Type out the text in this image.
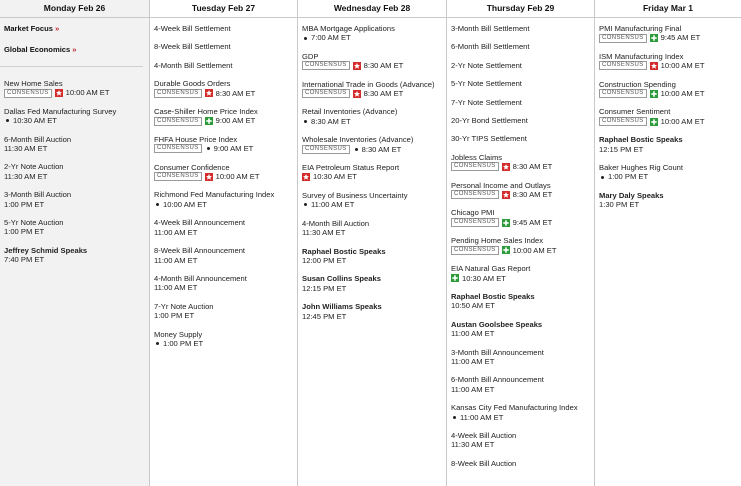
Monday Feb 26
Market Focus »
Global Economics »
New Home Sales
CONSENSUS	10:00 AM ET
Dallas Fed Manufacturing Survey
10:30 AM ET
6-Month Bill Auction
11:30 AM ET
2-Yr Note Auction
11:30 AM ET
3-Month Bill Auction
1:00 PM ET
5-Yr Note Auction
1:00 PM ET
Jeffrey Schmid Speaks
7:40 PM ET
Tuesday Feb 27
4-Week Bill Settlement
8-Week Bill Settlement
4-Month Bill Settlement
Durable Goods Orders
CONSENSUS	8:30 AM ET
Case-Shiller Home Price Index
CONSENSUS	9:00 AM ET
FHFA House Price Index
CONSENSUS	9:00 AM ET
Consumer Confidence
CONSENSUS	10:00 AM ET
Richmond Fed Manufacturing Index
10:00 AM ET
4-Week Bill Announcement
11:00 AM ET
8-Week Bill Announcement
11:00 AM ET
4-Month Bill Announcement
11:00 AM ET
7-Yr Note Auction
1:00 PM ET
Money Supply
1:00 PM ET
Wednesday Feb 28
MBA Mortgage Applications
7:00 AM ET
GDP
CONSENSUS	8:30 AM ET
International Trade in Goods (Advance)
CONSENSUS	8:30 AM ET
Retail Inventories (Advance)
8:30 AM ET
Wholesale Inventories (Advance)
CONSENSUS	8:30 AM ET
EIA Petroleum Status Report
10:30 AM ET
Survey of Business Uncertainty
11:00 AM ET
4-Month Bill Auction
11:30 AM ET
Raphael Bostic Speaks
12:00 PM ET
Susan Collins Speaks
12:15 PM ET
John Williams Speaks
12:45 PM ET
Thursday Feb 29
3-Month Bill Settlement
6-Month Bill Settlement
2-Yr Note Settlement
5-Yr Note Settlement
7-Yr Note Settlement
20-Yr Bond Settlement
30-Yr TIPS Settlement
Jobless Claims
CONSENSUS	8:30 AM ET
Personal Income and Outlays
CONSENSUS	8:30 AM ET
Chicago PMI
CONSENSUS	9:45 AM ET
Pending Home Sales Index
CONSENSUS	10:00 AM ET
EIA Natural Gas Report
10:30 AM ET
Raphael Bostic Speaks
10:50 AM ET
Austan Goolsbee Speaks
11:00 AM ET
3-Month Bill Announcement
11:00 AM ET
6-Month Bill Announcement
11:00 AM ET
Kansas City Fed Manufacturing Index
11:00 AM ET
4-Week Bill Auction
11:30 AM ET
8-Week Bill Auction
Friday Mar 1
PMI Manufacturing Final
CONSENSUS	9:45 AM ET
ISM Manufacturing Index
CONSENSUS	10:00 AM ET
Construction Spending
CONSENSUS	10:00 AM ET
Consumer Sentiment
CONSENSUS	10:00 AM ET
Raphael Bostic Speaks
12:15 PM ET
Baker Hughes Rig Count
1:00 PM ET
Mary Daly Speaks
1:30 PM ET
